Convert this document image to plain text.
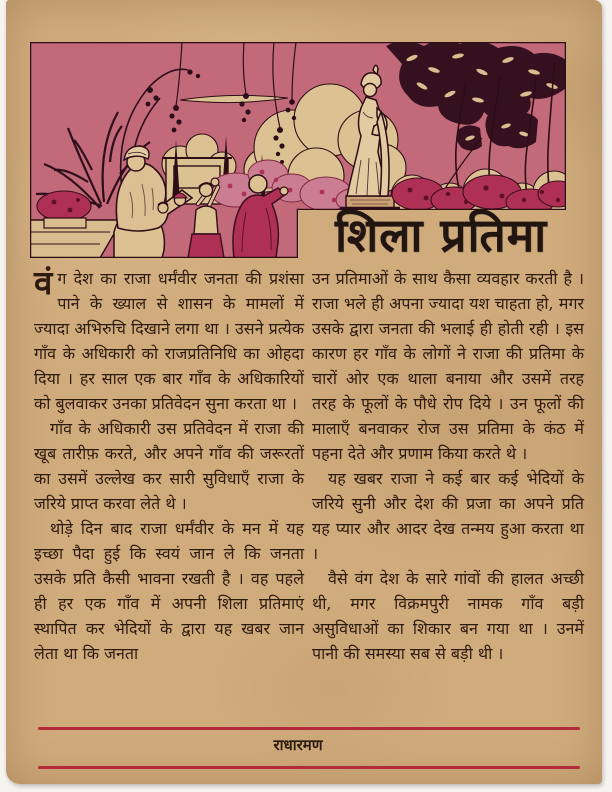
शिला प्रतिमा

वंग देश का राजा धर्मंवीर जनता की प्रशंसा पाने के ख्याल से शासन के मामलों में ज्यादा अभिरुचि दिखाने लगा था । उसने प्रत्येक गाँव के अधिकारी को राजप्रतिनिधि का ओहदा दिया । हर साल एक बार गाँव के अधिकारियों को बुलवाकर उनका प्रतिवेदन सुना करता था ।

गाँव के अधिकारी उस प्रतिवेदन में राजा की खूब तारीफ़ करते, और अपने गाँव की जरूरतों का उसमें उल्लेख कर सारी सुविधाएँ राजा के जरिये प्राप्त करवा लेते थे ।

थोड़े दिन बाद राजा धर्मंवीर के मन में यह इच्छा पैदा हुई कि स्वयं जान ले कि जनता उसके प्रति कैसी भावना रखती है । वह पहले ही हर एक गाँव में अपनी शिला प्रतिमाएं स्थापित कर भेदियों के द्वारा यह खबर जान लेता था कि जनता

उन प्रतिमाओं के साथ कैसा व्यवहार करती है । राजा भले ही अपना ज्यादा यश चाहता हो, मगर उसके द्वारा जनता की भलाई ही होती रही । इस कारण हर गाँव के लोगों ने राजा की प्रतिमा के चारों ओर एक थाला बनाया और उसमें तरह तरह के फूलों के पौधे रोप दिये । उन फूलों की मालाएँ बनवाकर रोज उस प्रतिमा के कंठ में पहना देते और प्रणाम किया करते थे ।

यह खबर राजा ने कई बार कई भेदियों के जरिये सुनी और देश की प्रजा का अपने प्रति यह प्यार और आदर देख तन्मय हुआ करता था ।

वैसे वंग देश के सारे गांवों की हालत अच्छी थी, मगर विक्रमपुरी नामक गाँव बड़ी असुविधाओं का शिकार बन गया था । उनमें पानी की समस्या सब से बड़ी थी ।

राधारमण
